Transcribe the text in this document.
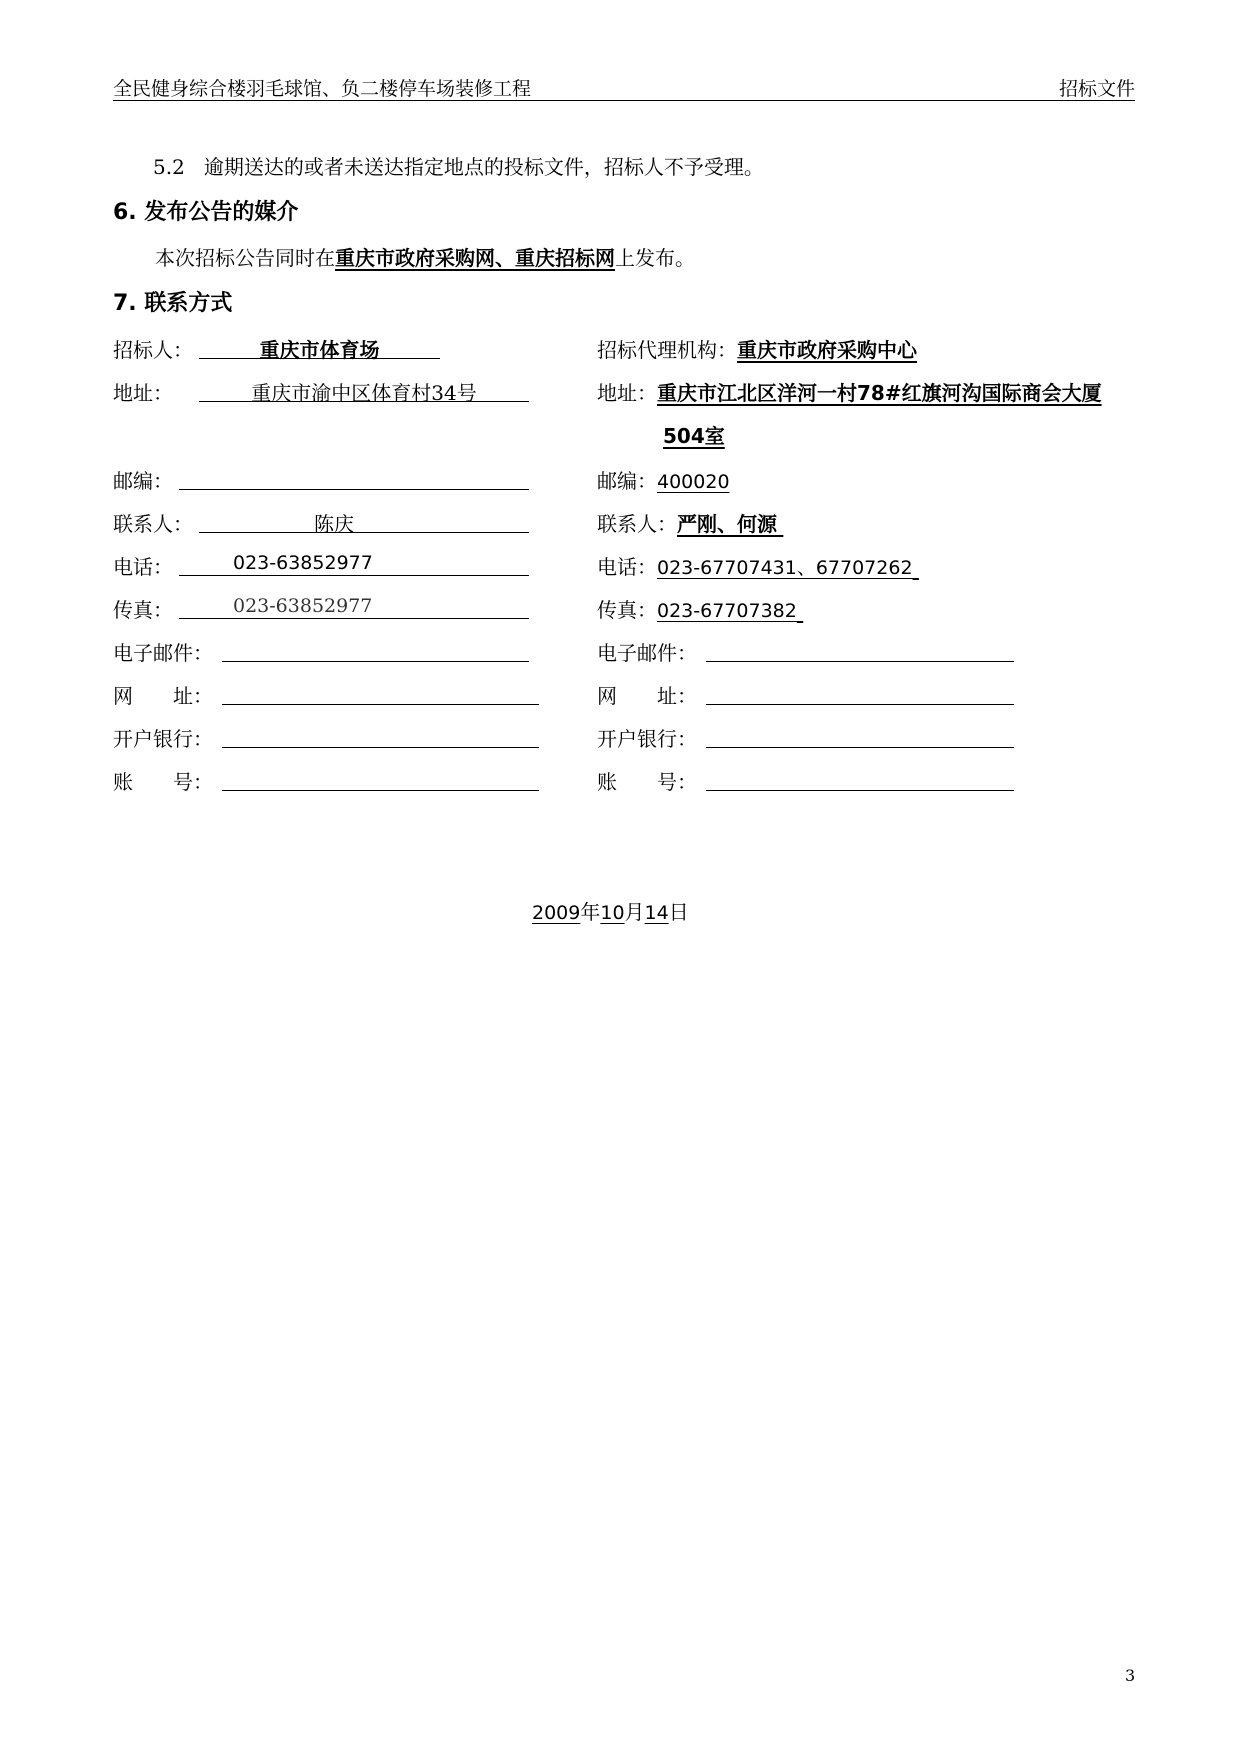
全民健身综合楼羽毛球馆、负二楼停车场装修工程	招标文件
5.2 逾期送达的或者未送达指定地点的投标文件，招标人不予受理。
6. 发布公告的媒介
本次招标公告同时在重庆市政府采购网、重庆招标网上发布。
7. 联系方式
招标人：	重庆市体育场
地址：	重庆市渝中区体育村34号
邮编：
联系人：	陈庆
电话：	023-63852977
传真：	023-63852977
电子邮件：
网　　址：
开户银行：
账　　号：
招标代理机构：重庆市政府采购中心
地址：重庆市江北区洋河一村78#红旗河沟国际商会大厦
504室
邮编：400020
联系人：严刚、何源
电话：023-67707431、67707262
传真：023-67707382
电子邮件：
网　　址：
开户银行：
账　　号：
2009年10月14日
3
